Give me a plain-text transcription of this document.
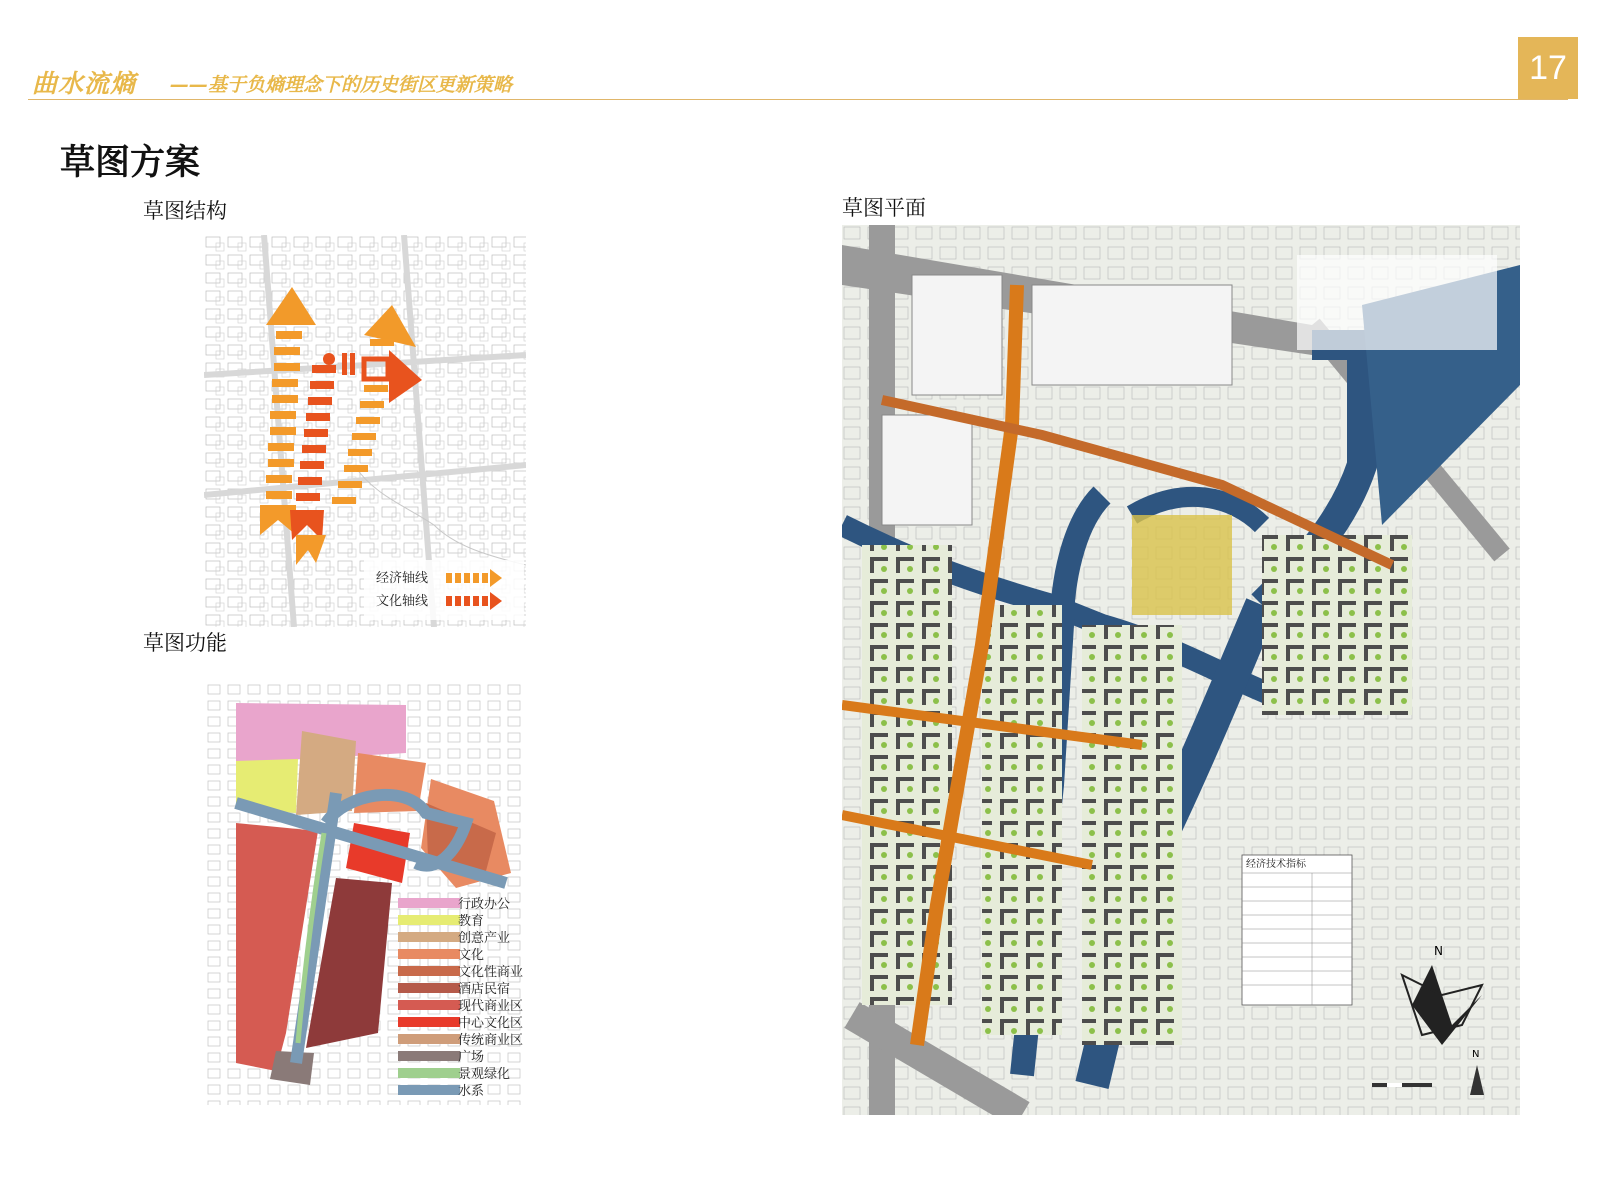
曲水流熵 ——基于负熵理念下的历史街区更新策略	17
草图方案
草图结构
草图功能
草图平面
经济轴线
文化轴线
行政办公
教育
创意产业
文化
文化性商业
酒店民宿
现代商业区
中心文化区
传统商业区
广场
景观绿化
水系
经济技术指标
N
N
